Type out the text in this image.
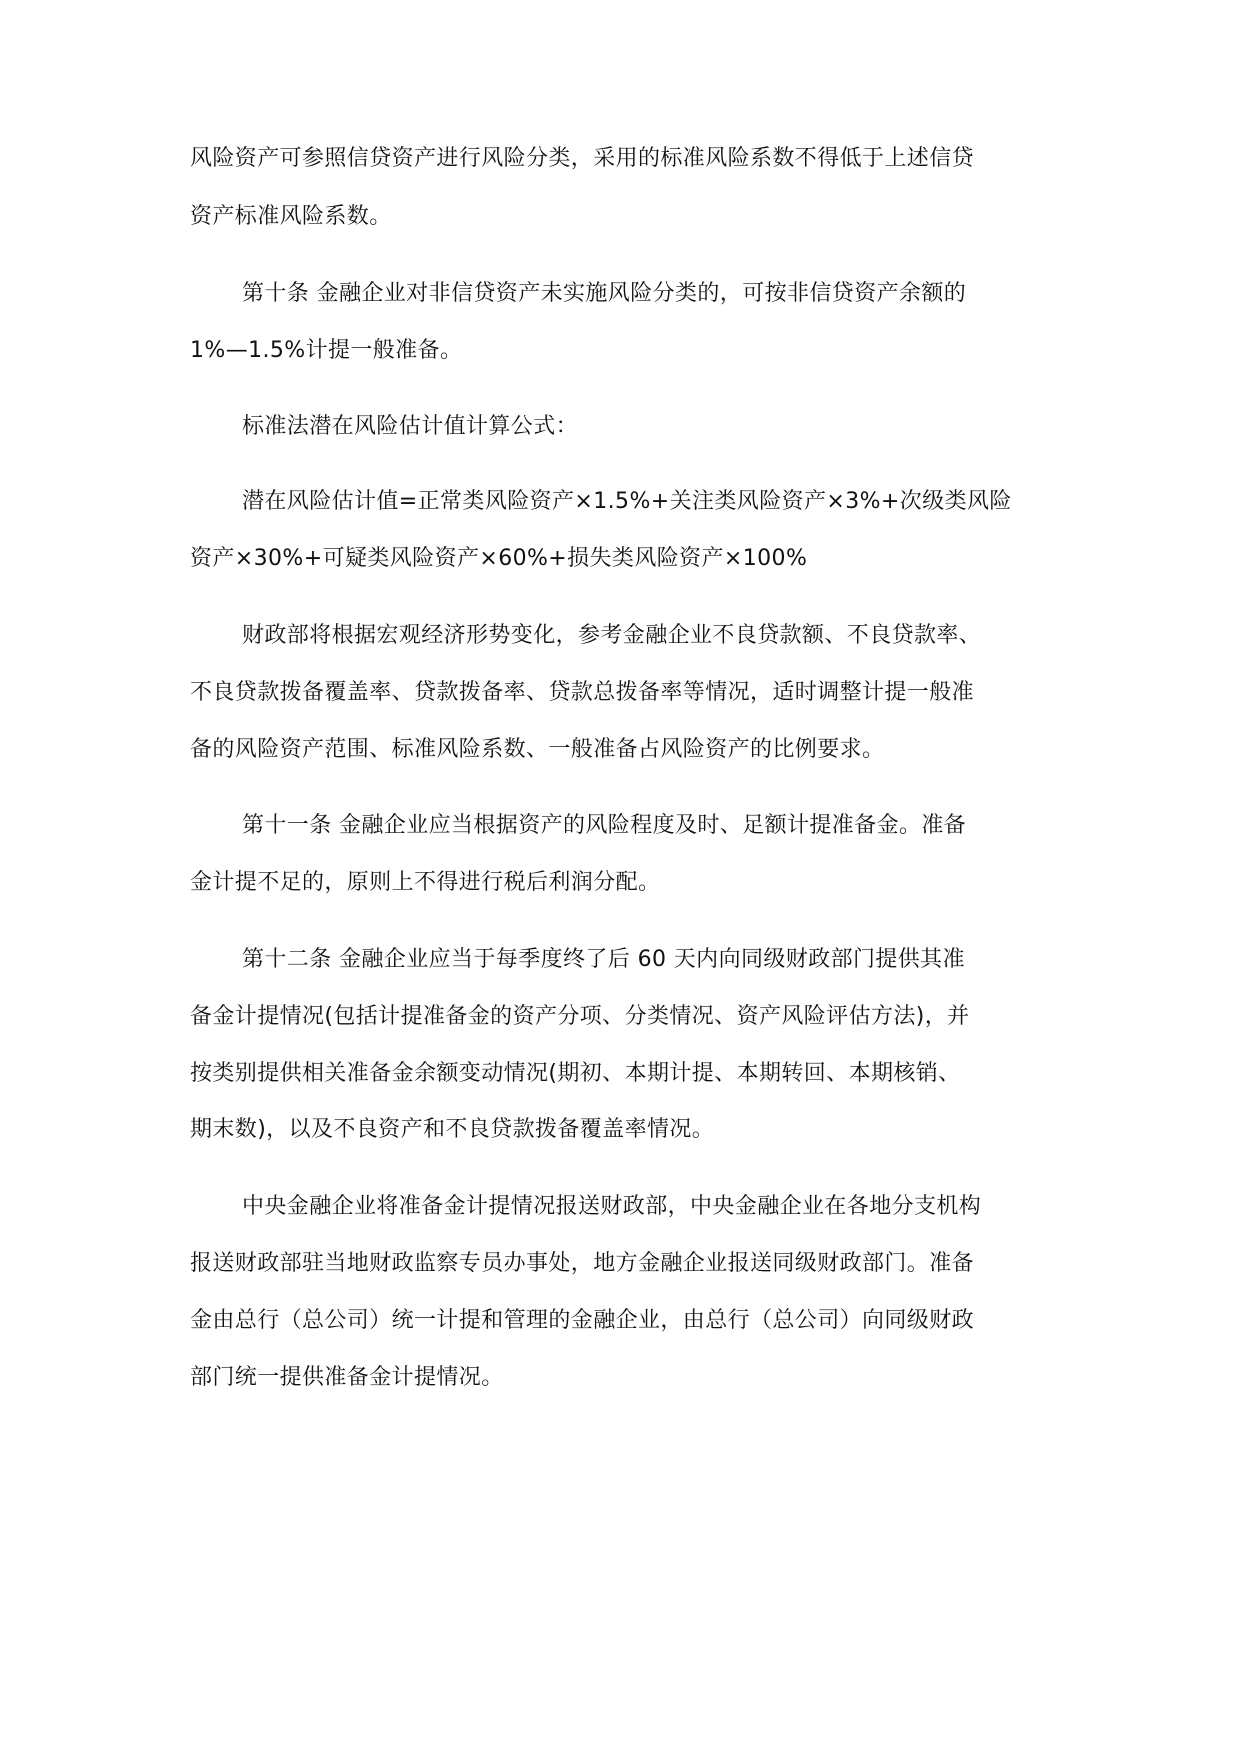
风险资产可参照信贷资产进行风险分类，采用的标准风险系数不得低于上述信贷
资产标准风险系数。
第十条 金融企业对非信贷资产未实施风险分类的，可按非信贷资产余额的
1%—1.5%计提一般准备。
标准法潜在风险估计值计算公式：
潜在风险估计值=正常类风险资产×1.5%+关注类风险资产×3%+次级类风险
资产×30%+可疑类风险资产×60%+损失类风险资产×100%
财政部将根据宏观经济形势变化，参考金融企业不良贷款额、不良贷款率、
不良贷款拨备覆盖率、贷款拨备率、贷款总拨备率等情况，适时调整计提一般准
备的风险资产范围、标准风险系数、一般准备占风险资产的比例要求。
第十一条 金融企业应当根据资产的风险程度及时、足额计提准备金。准备
金计提不足的，原则上不得进行税后利润分配。
第十二条 金融企业应当于每季度终了后 60 天内向同级财政部门提供其准
备金计提情况(包括计提准备金的资产分项、分类情况、资产风险评估方法)，并
按类别提供相关准备金余额变动情况(期初、本期计提、本期转回、本期核销、
期末数)，以及不良资产和不良贷款拨备覆盖率情况。
中央金融企业将准备金计提情况报送财政部，中央金融企业在各地分支机构
报送财政部驻当地财政监察专员办事处，地方金融企业报送同级财政部门。准备
金由总行（总公司）统一计提和管理的金融企业，由总行（总公司）向同级财政
部门统一提供准备金计提情况。
